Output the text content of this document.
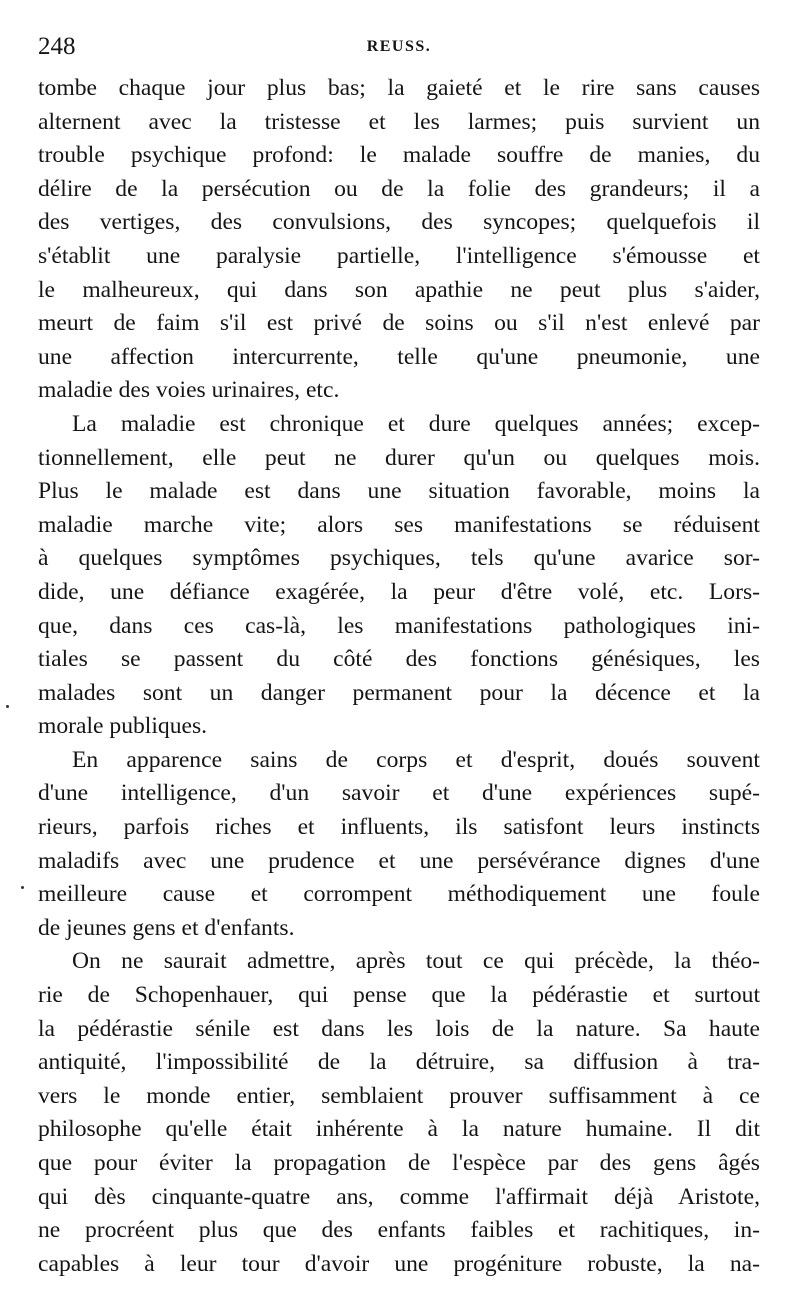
248	REUSS.
tombe chaque jour plus bas; la gaieté et le rire sans causes
alternent avec la tristesse et les larmes; puis survient un
trouble psychique profond: le malade souffre de manies, du
délire de la persécution ou de la folie des grandeurs; il a
des vertiges, des convulsions, des syncopes; quelquefois il
s'établit une paralysie partielle, l'intelligence s'émousse et
le malheureux, qui dans son apathie ne peut plus s'aider,
meurt de faim s'il est privé de soins ou s'il n'est enlevé par
une affection intercurrente, telle qu'une pneumonie, une
maladie des voies urinaires, etc.
La maladie est chronique et dure quelques années; excep-
tionnellement, elle peut ne durer qu'un ou quelques mois.
Plus le malade est dans une situation favorable, moins la
maladie marche vite; alors ses manifestations se réduisent
à quelques symptômes psychiques, tels qu'une avarice sor-
dide, une défiance exagérée, la peur d'être volé, etc. Lors-
que, dans ces cas-là, les manifestations pathologiques ini-
tiales se passent du côté des fonctions génésiques, les
malades sont un danger permanent pour la décence et la
morale publiques.
En apparence sains de corps et d'esprit, doués souvent
d'une intelligence, d'un savoir et d'une expériences supé-
rieurs, parfois riches et influents, ils satisfont leurs instincts
maladifs avec une prudence et une persévérance dignes d'une
meilleure cause et corrompent méthodiquement une foule
de jeunes gens et d'enfants.
On ne saurait admettre, après tout ce qui précède, la théo-
rie de Schopenhauer, qui pense que la pédérastie et surtout
la pédérastie sénile est dans les lois de la nature. Sa haute
antiquité, l'impossibilité de la détruire, sa diffusion à tra-
vers le monde entier, semblaient prouver suffisamment à ce
philosophe qu'elle était inhérente à la nature humaine. Il dit
que pour éviter la propagation de l'espèce par des gens âgés
qui dès cinquante-quatre ans, comme l'affirmait déjà Aristote,
ne procréent plus que des enfants faibles et rachitiques, in-
capables à leur tour d'avoir une progéniture robuste, la na-
